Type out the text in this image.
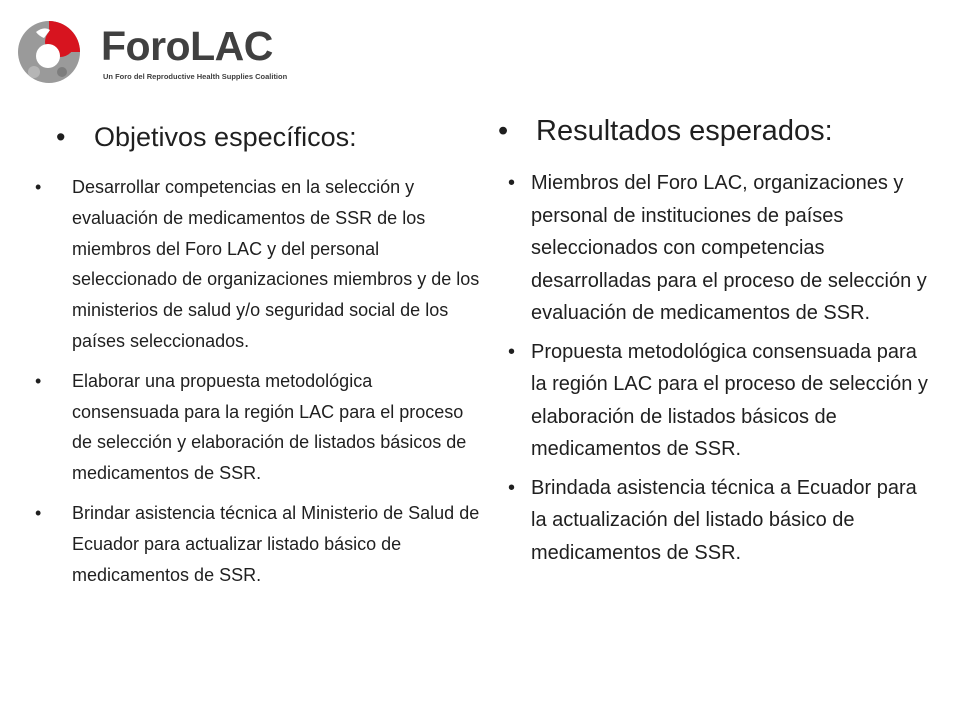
ForoLAC
Un Foro del Reproductive Health Supplies Coalition
• Objetivos específicos:
• Desarrollar competencias en la selección y evaluación de medicamentos de SSR de los miembros del Foro LAC y del personal seleccionado de organizaciones miembros y de los ministerios de salud y/o seguridad social de los países seleccionados.
• Elaborar una propuesta metodológica consensuada para la región LAC para el proceso de selección y elaboración de listados básicos de medicamentos de SSR.
• Brindar asistencia técnica al Ministerio de Salud de Ecuador para actualizar listado básico de medicamentos de SSR.
• Resultados esperados:
• Miembros del Foro LAC, organizaciones y personal de instituciones de países seleccionados con competencias desarrolladas para el proceso de selección y evaluación de medicamentos de SSR.
• Propuesta metodológica consensuada para la región LAC para el proceso de selección y elaboración de listados básicos de medicamentos de SSR.
• Brindada asistencia técnica a Ecuador para la actualización del listado básico de medicamentos de SSR.
